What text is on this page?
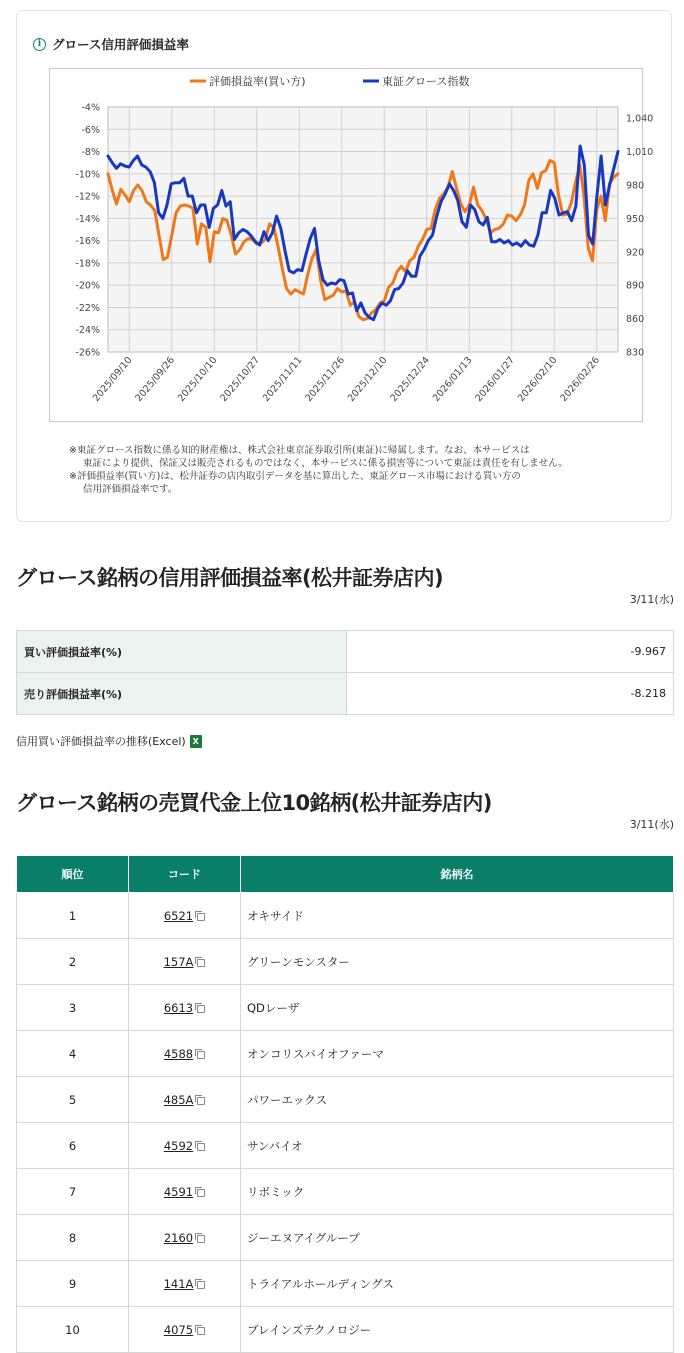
i グロース信用評価損益率
-4%
-6%
-8%
-10%
-12%
-14%
-16%
-18%
-20%
-22%
-24%
-26%
1,040
1,010
980
950
920
890
860
830
2025/09/10
2025/09/26
2025/10/10
2025/10/27
2025/11/11
2025/11/26
2025/12/10
2025/12/24
2026/01/13
2026/01/27
2026/02/10
2026/02/26
評価損益率(買い方)	東証グロース指数
※東証グロース指数に係る知的財産権は、株式会社東京証券取引所(東証)に帰属します。なお、本サービスは
東証により提供、保証又は販売されるものではなく、本サービスに係る損害等について東証は責任を有しません。
※評価損益率(買い方)は、松井証券の店内取引データを基に算出した、東証グロース市場における買い方の
信用評価損益率です。
グロース銘柄の信用評価損益率(松井証券店内)
3/11(水)
買い評価損益率(%)	-9.967
売り評価損益率(%)	-8.218
信用買い評価損益率の推移(Excel) X
グロース銘柄の売買代金上位10銘柄(松井証券店内)
3/11(水)
順位	コード	銘柄名
1	6521	オキサイド
2	157A	グリーンモンスター
3	6613	QDレーザ
4	4588	オンコリスバイオファーマ
5	485A	パワーエックス
6	4592	サンバイオ
7	4591	リボミック
8	2160	ジーエヌアイグループ
9	141A	トライアルホールディングス
10	4075	ブレインズテクノロジー
